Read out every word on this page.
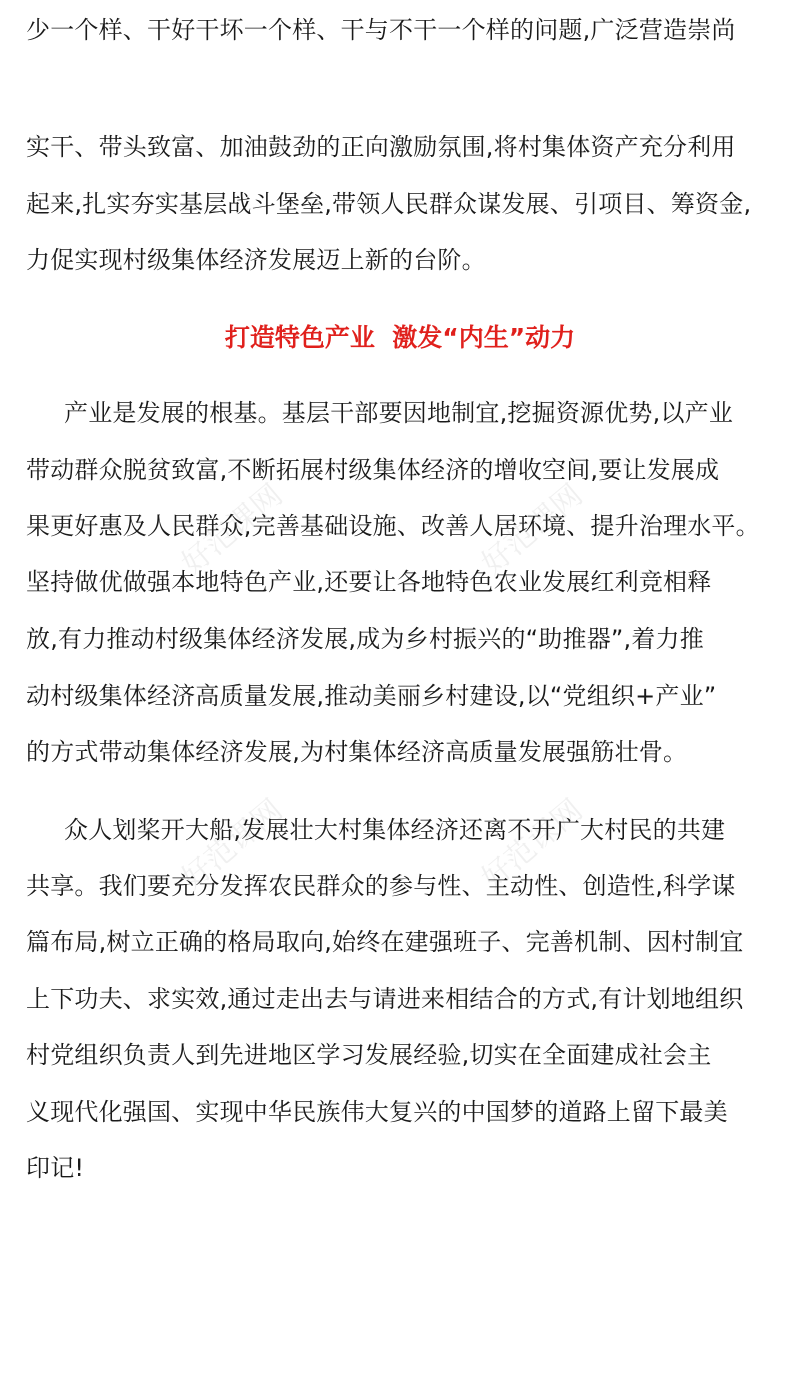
好范课网	好范课网
好范课网	好范课网
少一个样、干好干坏一个样、干与不干一个样的问题,广泛营造崇尚
实干、带头致富、加油鼓劲的正向激励氛围,将村集体资产充分利用
起来,扎实夯实基层战斗堡垒,带领人民群众谋发展、引项目、筹资金,
力促实现村级集体经济发展迈上新的台阶。
打造特色产业  激发“内生”动力
产业是发展的根基。基层干部要因地制宜,挖掘资源优势,以产业
带动群众脱贫致富,不断拓展村级集体经济的增收空间,要让发展成
果更好惠及人民群众,完善基础设施、改善人居环境、提升治理水平。
坚持做优做强本地特色产业,还要让各地特色农业发展红利竞相释
放,有力推动村级集体经济发展,成为乡村振兴的“助推器”,着力推
动村级集体经济高质量发展,推动美丽乡村建设,以“党组织+产业”
的方式带动集体经济发展,为村集体经济高质量发展强筋壮骨。
众人划桨开大船,发展壮大村集体经济还离不开广大村民的共建
共享。我们要充分发挥农民群众的参与性、主动性、创造性,科学谋
篇布局,树立正确的格局取向,始终在建强班子、完善机制、因村制宜
上下功夫、求实效,通过走出去与请进来相结合的方式,有计划地组织
村党组织负责人到先进地区学习发展经验,切实在全面建成社会主
义现代化强国、实现中华民族伟大复兴的中国梦的道路上留下最美
印记!
